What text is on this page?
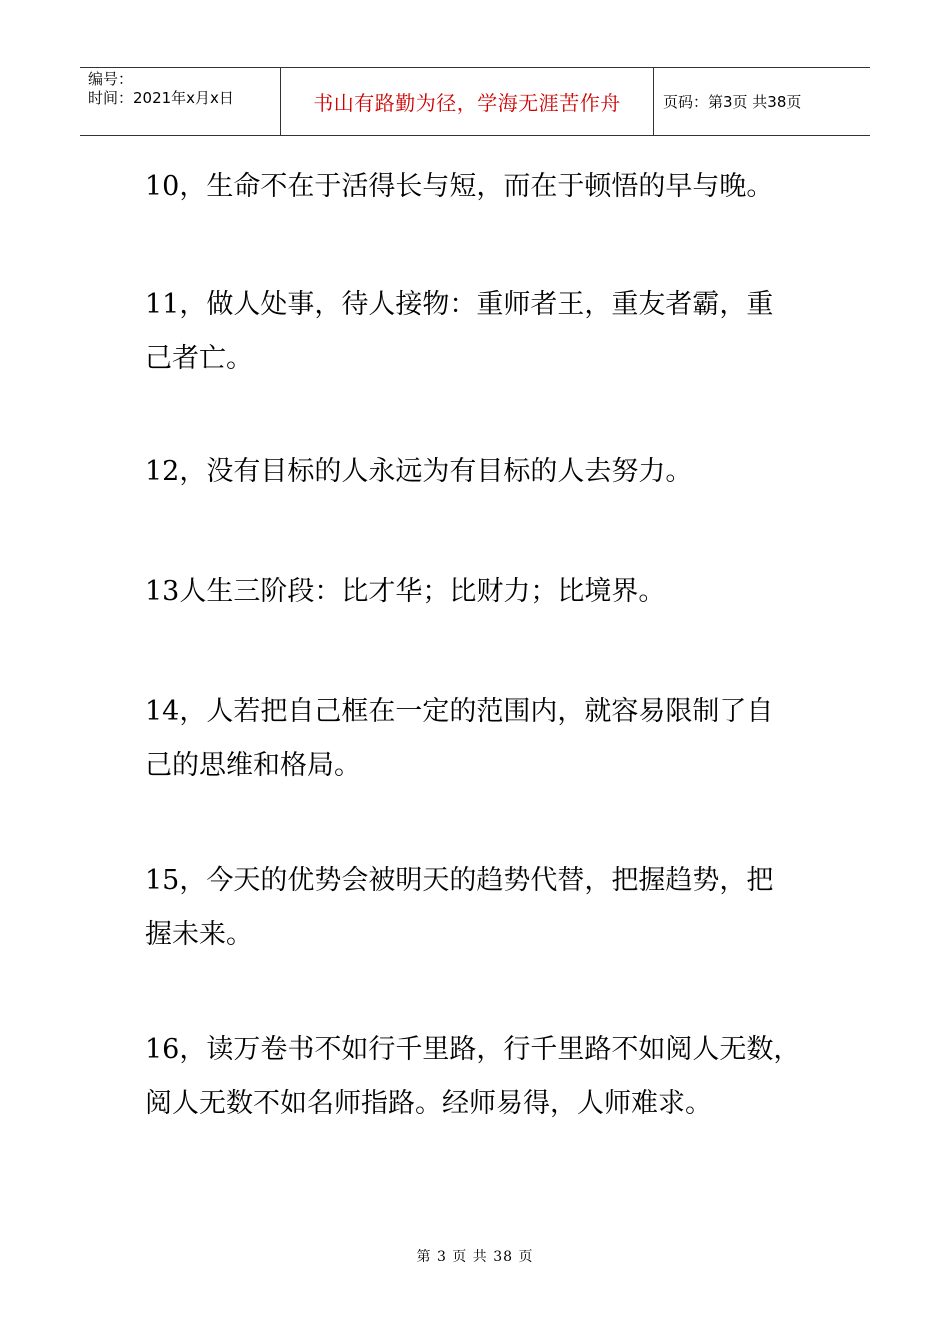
编号：
时间：2021年x月x日	书山有路勤为径，学海无涯苦作舟	页码：第3页 共38页
10，生命不在于活得长与短，而在于顿悟的早与晚。
11，做人处事，待人接物：重师者王，重友者霸，重
己者亡。
12，没有目标的人永远为有目标的人去努力。
13人生三阶段：比才华；比财力；比境界。
14，人若把自己框在一定的范围内，就容易限制了自
己的思维和格局。
15，今天的优势会被明天的趋势代替，把握趋势，把
握未来。
16，读万卷书不如行千里路，行千里路不如阅人无数，
阅人无数不如名师指路。经师易得，人师难求。
第 3 页 共 38 页
